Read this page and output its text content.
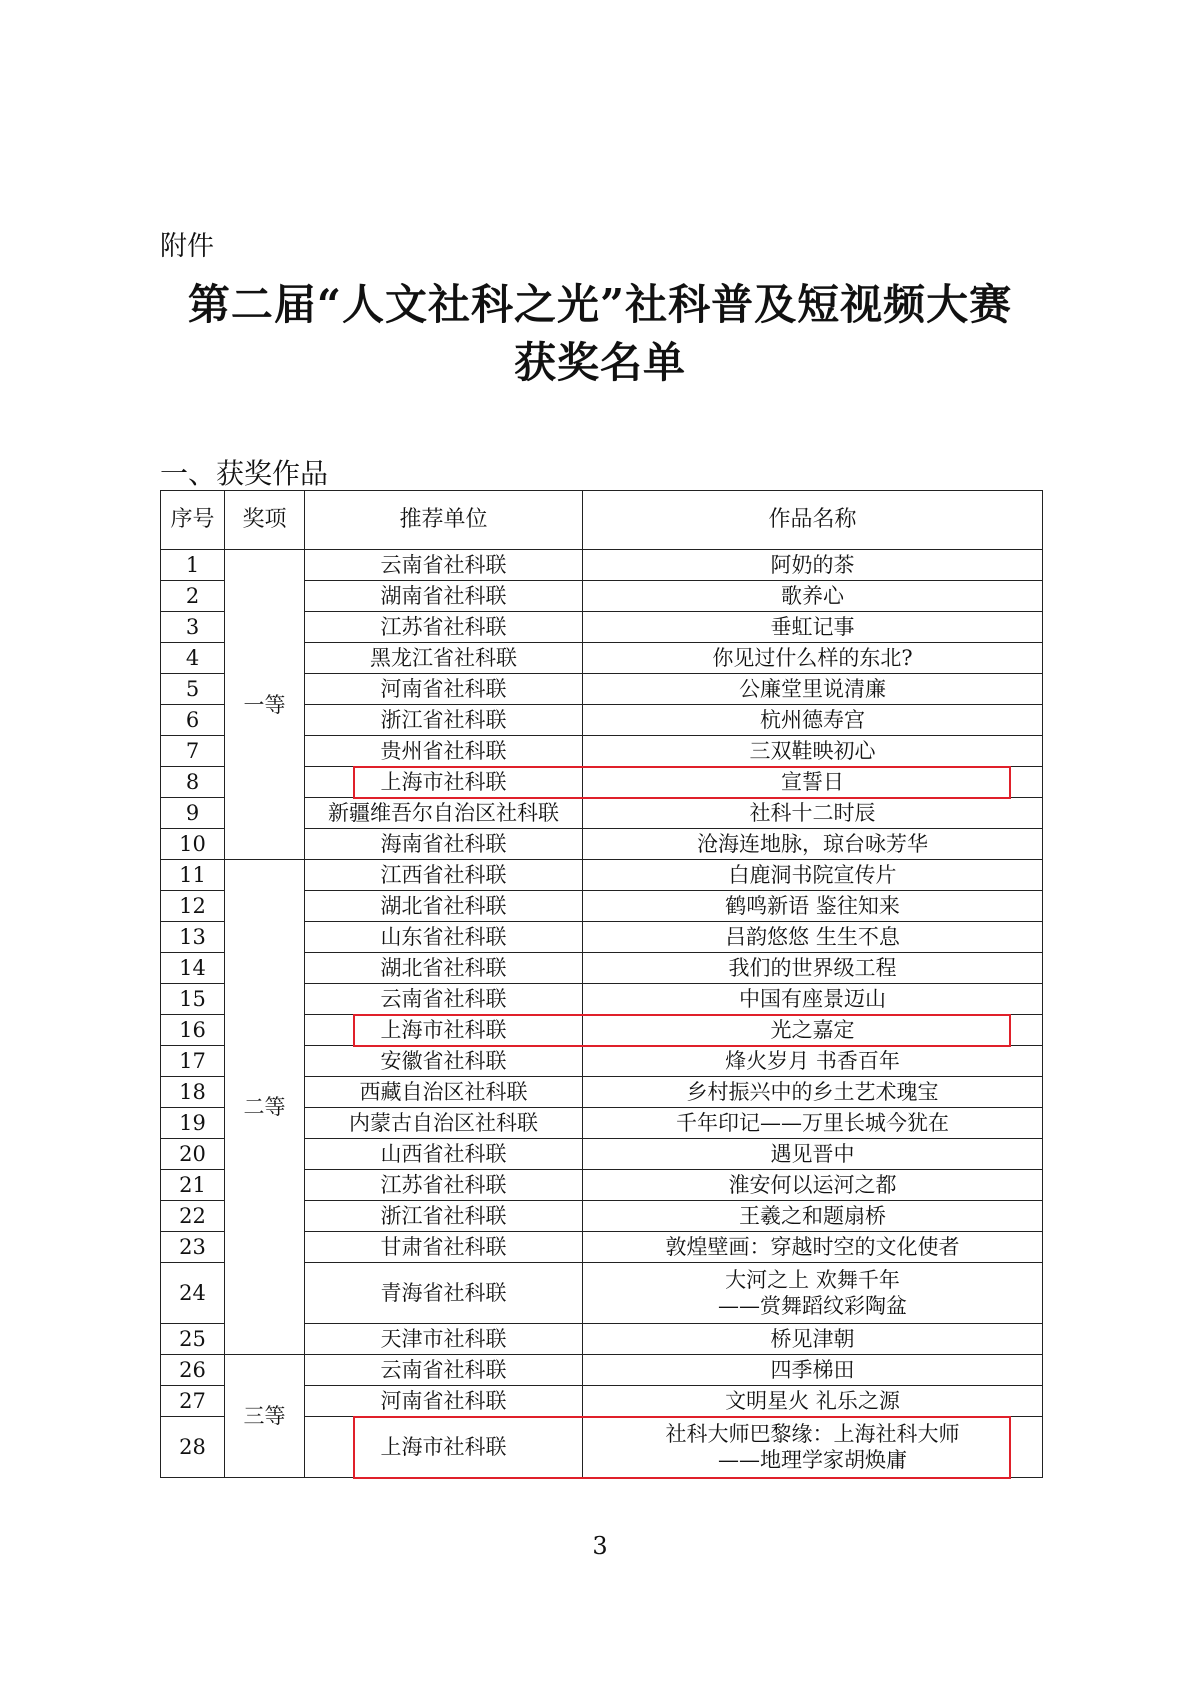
附件
第二届“人文社科之光”社科普及短视频大赛
获奖名单
一、获奖作品
序号	奖项	推荐单位	作品名称
1	一等	云南省社科联	阿奶的茶

2		湖南省社科联	歌养心

3		江苏省社科联	垂虹记事

4		黑龙江省社科联	你见过什么样的东北?

5		河南省社科联	公廉堂里说清廉

6		浙江省社科联	杭州德寿宫

7		贵州省社科联	三双鞋映初心

8		上海市社科联	宣誓日

9		新疆维吾尔自治区社科联	社科十二时辰

10		海南省社科联	沧海连地脉，琼台咏芳华

11	二等	江西省社科联	白鹿洞书院宣传片

12		湖北省社科联	鹤鸣新语 鉴往知来

13		山东省社科联	吕韵悠悠 生生不息

14		湖北省社科联	我们的世界级工程

15		云南省社科联	中国有座景迈山

16		上海市社科联	光之嘉定

17		安徽省社科联	烽火岁月 书香百年

18		西藏自治区社科联	乡村振兴中的乡土艺术瑰宝

19		内蒙古自治区社科联	千年印记——万里长城今犹在

20		山西省社科联	遇见晋中

21		江苏省社科联	淮安何以运河之都

22		浙江省社科联	王羲之和题扇桥

23		甘肃省社科联	敦煌壁画：穿越时空的文化使者

24		青海省社科联	大河之上 欢舞千年
——赏舞蹈纹彩陶盆

25		天津市社科联	桥见津朝

26	三等	云南省社科联	四季梯田

27		河南省社科联	文明星火 礼乐之源

28		上海市社科联	社科大师巴黎缘：上海社科大师
——地理学家胡焕庸
3
